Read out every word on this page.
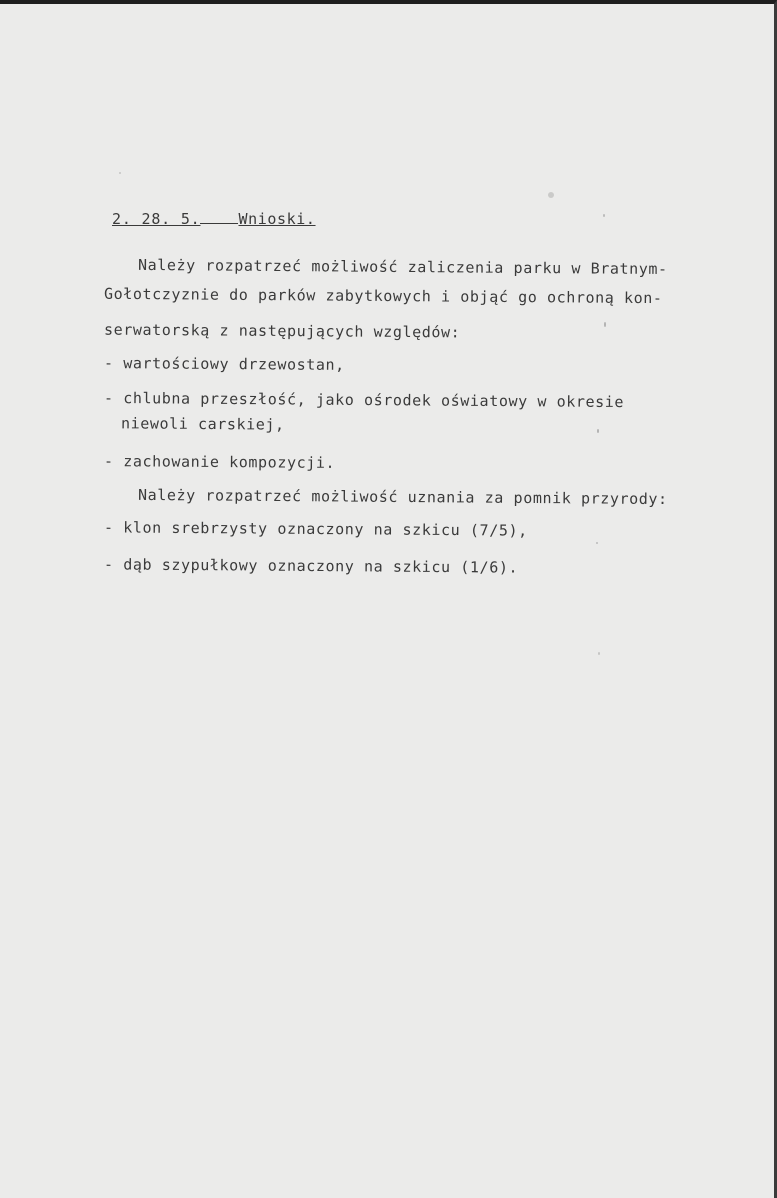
2. 28. 5.	Wnioski.
Należy rozpatrzeć możliwość zaliczenia parku w Bratnym-
Gołotczyznie do parków zabytkowych i objąć go ochroną kon-
serwatorską z następujących względów:
- wartościowy drzewostan,
- chlubna przeszłość, jako ośrodek oświatowy w okresie
niewoli carskiej,
- zachowanie kompozycji.
Należy rozpatrzeć możliwość uznania za pomnik przyrody:
- klon srebrzysty oznaczony na szkicu (7/5),
- dąb szypułkowy oznaczony na szkicu (1/6).
